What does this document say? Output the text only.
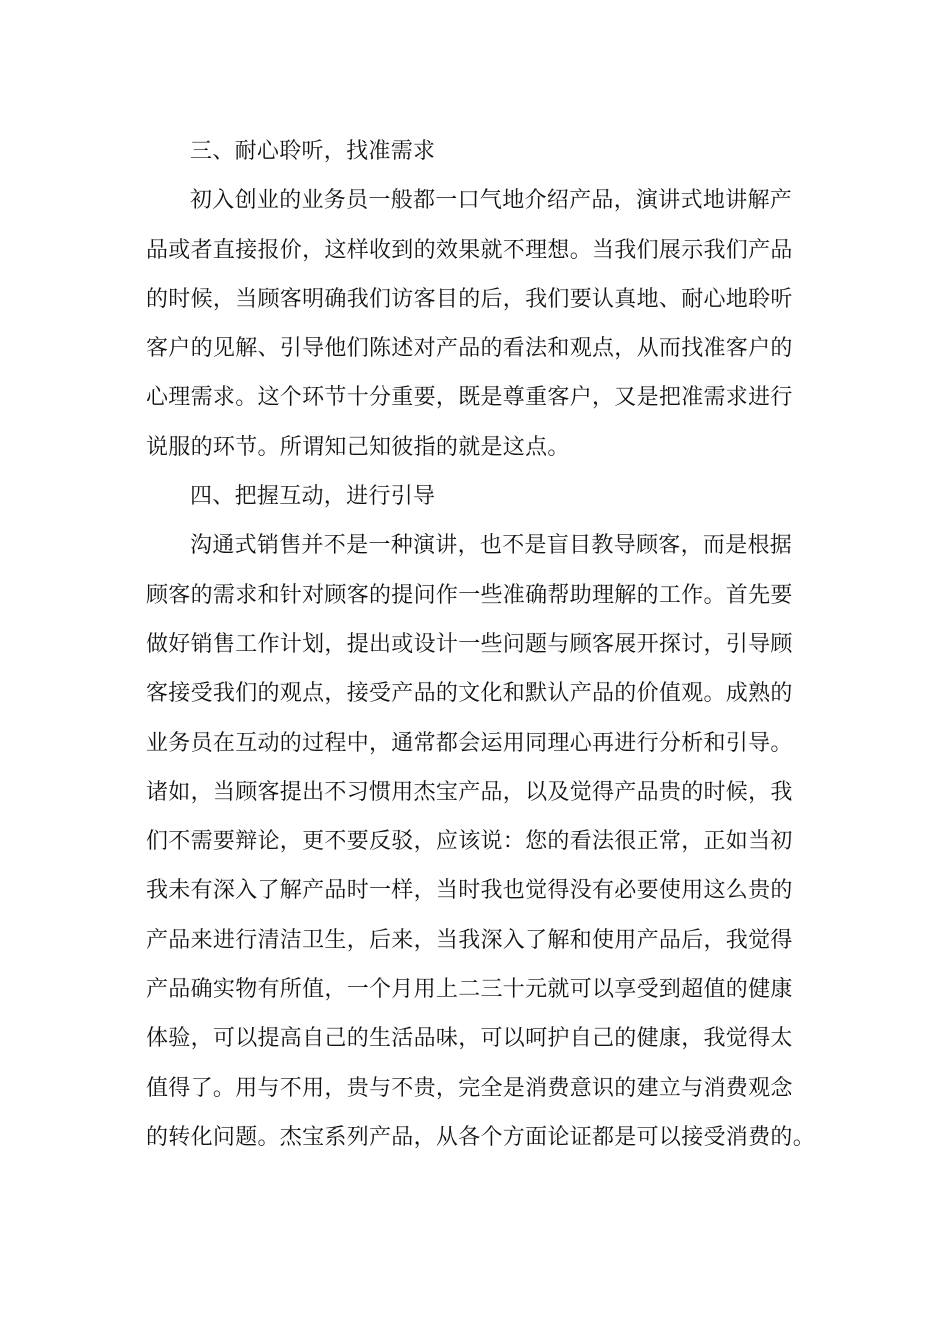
三、耐心聆听，找准需求
初入创业的业务员一般都一口气地介绍产品，演讲式地讲解产
品或者直接报价，这样收到的效果就不理想。当我们展示我们产品
的时候，当顾客明确我们访客目的后，我们要认真地、耐心地聆听
客户的见解、引导他们陈述对产品的看法和观点，从而找准客户的
心理需求。这个环节十分重要，既是尊重客户，又是把准需求进行
说服的环节。所谓知己知彼指的就是这点。
四、把握互动，进行引导
沟通式销售并不是一种演讲，也不是盲目教导顾客，而是根据
顾客的需求和针对顾客的提问作一些准确帮助理解的工作。首先要
做好销售工作计划，提出或设计一些问题与顾客展开探讨，引导顾
客接受我们的观点，接受产品的文化和默认产品的价值观。成熟的
业务员在互动的过程中，通常都会运用同理心再进行分析和引导。
诸如，当顾客提出不习惯用杰宝产品，以及觉得产品贵的时候，我
们不需要辩论，更不要反驳，应该说：您的看法很正常，正如当初
我未有深入了解产品时一样，当时我也觉得没有必要使用这么贵的
产品来进行清洁卫生，后来，当我深入了解和使用产品后，我觉得
产品确实物有所值，一个月用上二三十元就可以享受到超值的健康
体验，可以提高自己的生活品味，可以呵护自己的健康，我觉得太
值得了。用与不用，贵与不贵，完全是消费意识的建立与消费观念
的转化问题。杰宝系列产品，从各个方面论证都是可以接受消费的。
